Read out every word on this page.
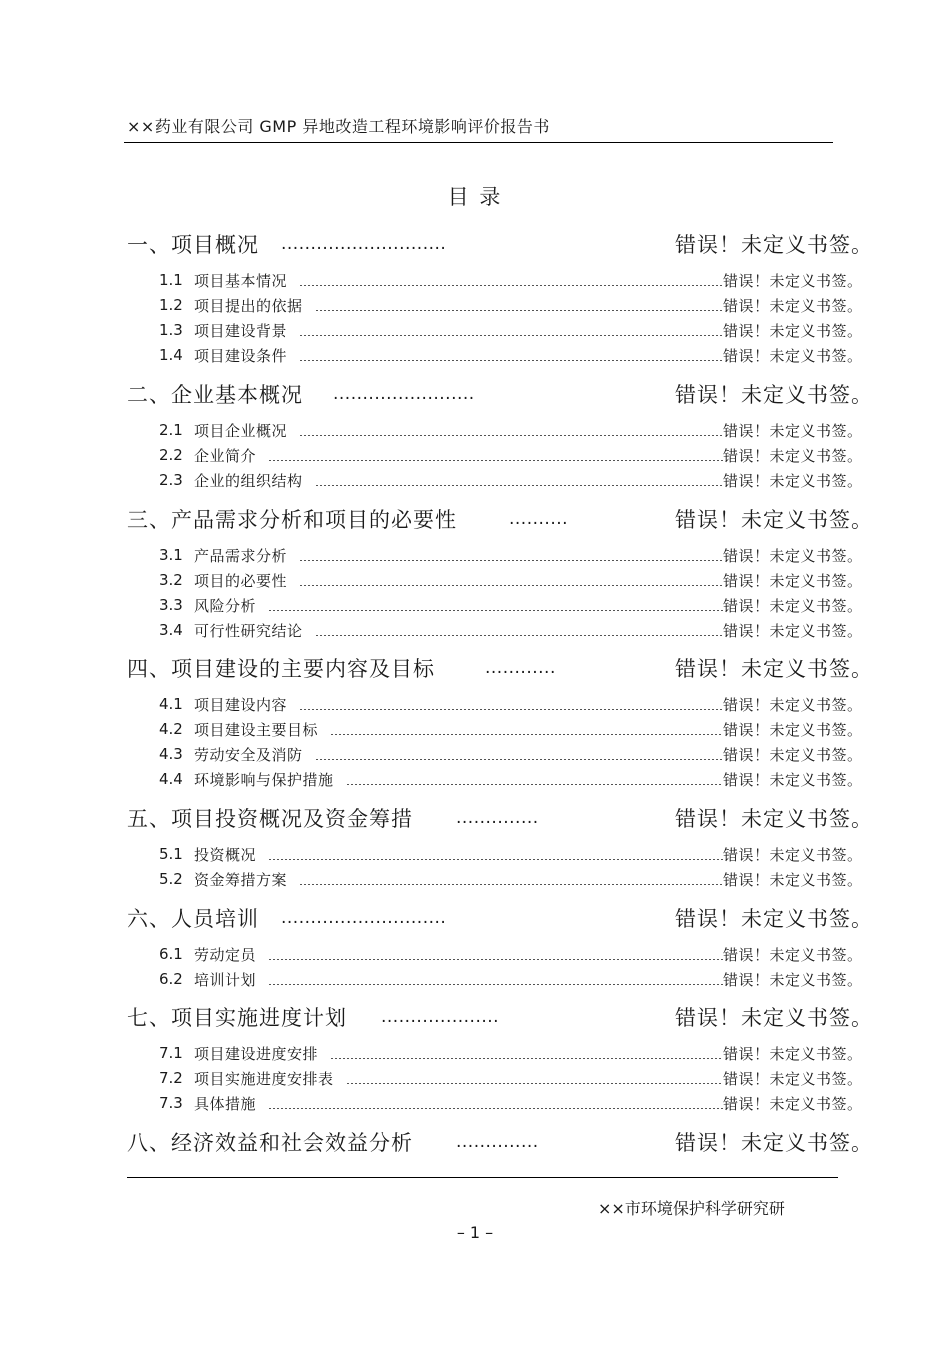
××药业有限公司 GMP 异地改造工程环境影响评价报告书
目 录
一、项目概况 ............................	错误！未定义书签。
1.1 项目基本情况	错误！未定义书签。
1.2 项目提出的依据	错误！未定义书签。
1.3 项目建设背景	错误！未定义书签。
1.4 项目建设条件	错误！未定义书签。
二、企业基本概况 ........................	错误！未定义书签。
2.1 项目企业概况	错误！未定义书签。
2.2 企业简介	错误！未定义书签。
2.3 企业的组织结构	错误！未定义书签。
三、产品需求分析和项目的必要性	..........	错误！未定义书签。
3.1 产品需求分析	错误！未定义书签。
3.2 项目的必要性	错误！未定义书签。
3.3 风险分析	错误！未定义书签。
3.4 可行性研究结论	错误！未定义书签。
四、项目建设的主要内容及目标	............	错误！未定义书签。
4.1 项目建设内容	错误！未定义书签。
4.2 项目建设主要目标	错误！未定义书签。
4.3 劳动安全及消防	错误！未定义书签。
4.4 环境影响与保护措施	错误！未定义书签。
五、项目投资概况及资金筹措	..............	错误！未定义书签。
5.1 投资概况	错误！未定义书签。
5.2 资金筹措方案	错误！未定义书签。
六、人员培训 ............................	错误！未定义书签。
6.1 劳动定员	错误！未定义书签。
6.2 培训计划	错误！未定义书签。
七、项目实施进度计划 ....................	错误！未定义书签。
7.1 项目建设进度安排	错误！未定义书签。
7.2 项目实施进度安排表	错误！未定义书签。
7.3 具体措施	错误！未定义书签。
八、经济效益和社会效益分析	..............	错误！未定义书签。
××市环境保护科学研究研
– 1 –
